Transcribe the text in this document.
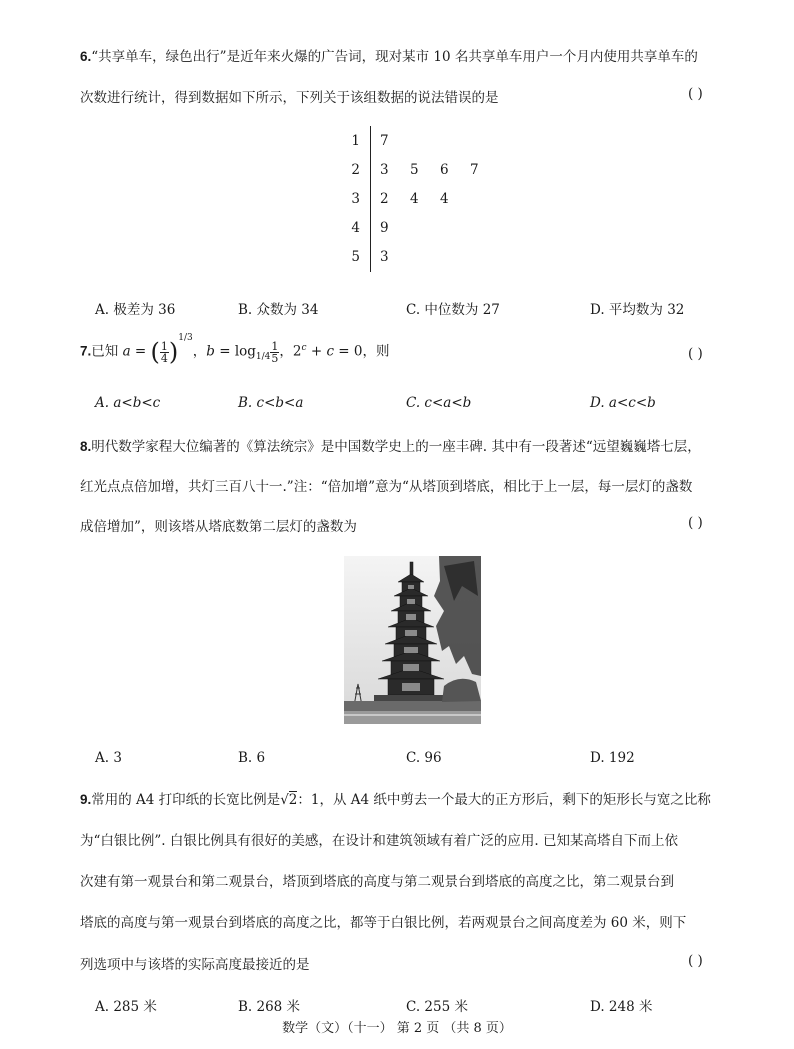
6.“共享单车，绿色出行”是近年来火爆的广告词，现对某市 10 名共享单车用户一个月内使用共享单车的
次数进行统计，得到数据如下所示，下列关于该组数据的说法错误的是	( )
1 7
2 3 5 6 7
3 2 4 4
4 9
5 3
A. 极差为 36	B. 众数为 34	C. 中位数为 27	D. 平均数为 32
7.已知 a = ( $\frac{1}{4} )^{1/3}$，$b = \log_{1/4} \frac{1}{5}$ ，$2^c + c = 0$，则	( )
A. a<b<c	B. c<b<a	C. c<a<b	D. a<c<b
8.明代数学家程大位编著的《算法统宗》是中国数学史上的一座丰碑. 其中有一段著述“远望巍巍塔七层，
红光点点倍加增，共灯三百八十一.”注：“倍加增”意为“从塔顶到塔底，相比于上一层，每一层灯的盏数
成倍增加”，则该塔从塔底数第二层灯的盏数为	( )
A. 3	B. 6	C. 96	D. 192
9.常用的 A4 打印纸的长宽比例是√2：1，从 A4 纸中剪去一个最大的正方形后，剩下的矩形长与宽之比称
为“白银比例”. 白银比例具有很好的美感，在设计和建筑领域有着广泛的应用. 已知某高塔自下而上依
次建有第一观景台和第二观景台，塔顶到塔底的高度与第二观景台到塔底的高度之比，第二观景台到
塔底的高度与第一观景台到塔底的高度之比，都等于白银比例，若两观景台之间高度差为 60 米，则下
列选项中与该塔的实际高度最接近的是	( )
A. 285 米	B. 268 米	C. 255 米	D. 248 米
数学（文）（十一） 第 2 页 （共 8 页）
